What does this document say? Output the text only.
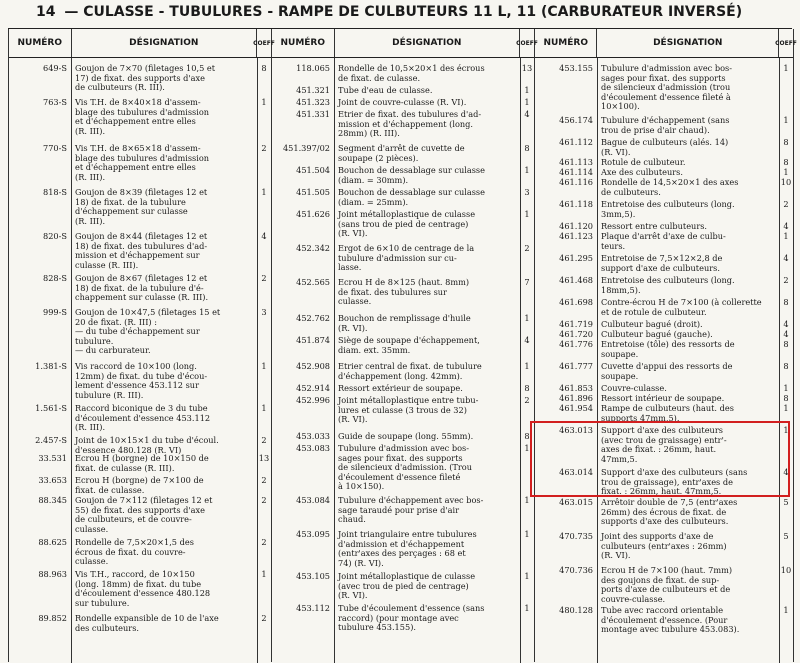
14 — CULASSE - TUBULURES - RAMPE DE CULBUTEURS 11 L, 11 (CARBURATEUR INVERSÉ)
NUMÉRO	DÉSIGNATION	COEFF
649-S Goujon de 7×70 (filetages 10,5 et
17) de fixat. des supports d'axe
de culbuteurs (R. III).
8
763-S Vis T.H. de 8×40×18 d'assem-
blage des tubulures d'admission
et d'échappement entre elles
(R. III).
1
770-S Vis T.H. de 8×65×18 d'assem-
blage des tubulures d'admission
et d'échappement entre elles
(R. III).
2
818-S Goujon de 8×39 (filetages 12 et
18) de fixat. de la tubulure
d'échappement sur culasse
(R. III).
1
820-S Goujon de 8×44 (filetages 12 et
18) de fixat. des tubulures d'ad-
mission et d'échappement sur
culasse (R. III).
4
828-S Goujon de 8×67 (filetages 12 et
18) de fixat. de la tubulure d'é-
chappement sur culasse (R. III).
2
999-S Goujon de 10×47,5 (filetages 15 et
20 de fixat. (R. III) :
— du tube d'échappement sur
tubulure.
— du carburateur.
3
1.381-S Vis raccord de 10×100 (long.
12mm) de fixat. du tube d'écou-
lement d'essence 453.112 sur
tubulure (R. III).
1
1.561-S Raccord biconique de 3 du tube
d'écoulement d'essence 453.112
(R. III).
1
2.457-S Joint de 10×15×1 du tube d'écoul.
d'essence 480.128 (R. VI)
2
33.531 Ecrou H (borgne) de 10×150 de
fixat. de culasse (R. III).
13
33.653 Ecrou H (borgne) de 7×100 de
fixat. de culasse.
2
88.345 Goujon de 7×112 (filetages 12 et
55) de fixat. des supports d'axe
de culbuteurs, et de couvre-
culasse.
2
88.625 Rondelle de 7,5×20×1,5 des
écrous de fixat. du couvre-
culasse.
2
88.963 Vis T.H., raccord, de 10×150
(long. 18mm) de fixat. du tube
d'écoulement d'essence 480.128
sur tubulure.
1
89.852 Rondelle expansible de 10 de l'axe
des culbuteurs.
2
NUMÉRO	DÉSIGNATION	COEFF
118.065 Rondelle de 10,5×20×1 des écrous
de fixat. de culasse.
13
451.321 Tube d'eau de culasse.	1
451.323 Joint de couvre-culasse (R. VI).	1
451.331 Etrier de fixat. des tubulures d'ad-
mission et d'échappement (long.
28mm) (R. III).
4
451.397/02 Segment d'arrêt de cuvette de
soupape (2 pièces).
8
451.504 Bouchon de dessablage sur culasse
(diam. = 30mm).
1
451.505 Bouchon de dessablage sur culasse
(diam. = 25mm).
3
451.626 Joint métalloplastique de culasse
(sans trou de pied de centrage)
(R. VI).
1
452.342 Ergot de 6×10 de centrage de la
tubulure d'admission sur cu-
lasse.
2
452.565 Ecrou H de 8×125 (haut. 8mm)
de fixat. des tubulures sur
culasse.
7
452.762 Bouchon de remplissage d'huile
(R. VI).
1
451.874 Siège de soupape d'échappement,
diam. ext. 35mm.
4
452.908 Etrier central de fixat. de tubulure
d'échappement (long. 42mm).
1
452.914 Ressort extérieur de soupape.	8
452.996 Joint métalloplastique entre tubu-
lures et culasse (3 trous de 32)
(R. VI).
2
453.033 Guide de soupape (long. 55mm).	8
453.083 Tubulure d'admission avec bos-
sages pour fixat. des supports
de silencieux d'admission. (Trou
d'écoulement d'essence fileté
à 10×150).
1
453.084 Tubulure d'échappement avec bos-
sage taraudé pour prise d'air
chaud.
1
453.095 Joint triangulaire entre tubulures
d'admission et d'échappement
(entr'axes des perçages : 68 et
74) (R. VI).
1
453.105 Joint métalloplastique de culasse
(avec trou de pied de centrage)
(R. VI).
1
453.112 Tube d'écoulement d'essence (sans
raccord) (pour montage avec
tubulure 453.155).
1
NUMÉRO	DÉSIGNATION	COEFF
453.155 Tubulure d'admission avec bos-
sages pour fixat. des supports
de silencieux d'admission (trou
d'écoulement d'essence fileté à
10×100).
1
456.174 Tubulure d'échappement (sans
trou de prise d'air chaud).
1
461.112 Bague de culbuteurs (alés. 14)
(R. VI).
8
461.113 Rotule de culbuteur.	8
461.114 Axe des culbuteurs.	1
461.116 Rondelle de 14,5×20×1 des axes
de culbuteurs.
10
461.118 Entretoise des culbuteurs (long.
3mm,5).
2
461.120 Ressort entre culbuteurs.	4
461.123 Plaque d'arrêt d'axe de culbu-
teurs.
1
461.295 Entretoise de 7,5×12×2,8 de
support d'axe de culbuteurs.
4
461.468 Entretoise des culbuteurs (long.
18mm,5).
2
461.698 Contre-écrou H de 7×100 (à collerette
et de rotule de culbuteur.
8
461.719 Culbuteur bagué (droit).	4
461.720 Culbuteur bagué (gauche).	4
461.776 Entretoise (tôle) des ressorts de
soupape.
8
461.777 Cuvette d'appui des ressorts de
soupape.
8
461.853 Couvre-culasse.	1
461.896 Ressort intérieur de soupape.	8
461.954 Rampe de culbuteurs (haut. des
supports 47mm,5).
1
463.013 Support d'axe des culbuteurs
(avec trou de graissage) entr'-
axes de fixat. : 26mm, haut.
47mm,5.
1
463.014 Support d'axe des culbuteurs (sans
trou de graissage), entr'axes de
fixat. : 26mm, haut. 47mm,5.
4
463.015 Arrêtoir double de 7,5 (entr'axes
26mm) des écrous de fixat. de
supports d'axe des culbuteurs.
5
470.735 Joint des supports d'axe de
culbuteurs (entr'axes : 26mm)
(R. VI).
5
470.736 Ecrou H de 7×100 (haut. 7mm)
des goujons de fixat. de sup-
ports d'axe de culbuteurs et de
couvre-culasse.
10
480.128 Tube avec raccord orientable
d'écoulement d'essence. (Pour
montage avec tubulure 453.083).
1
